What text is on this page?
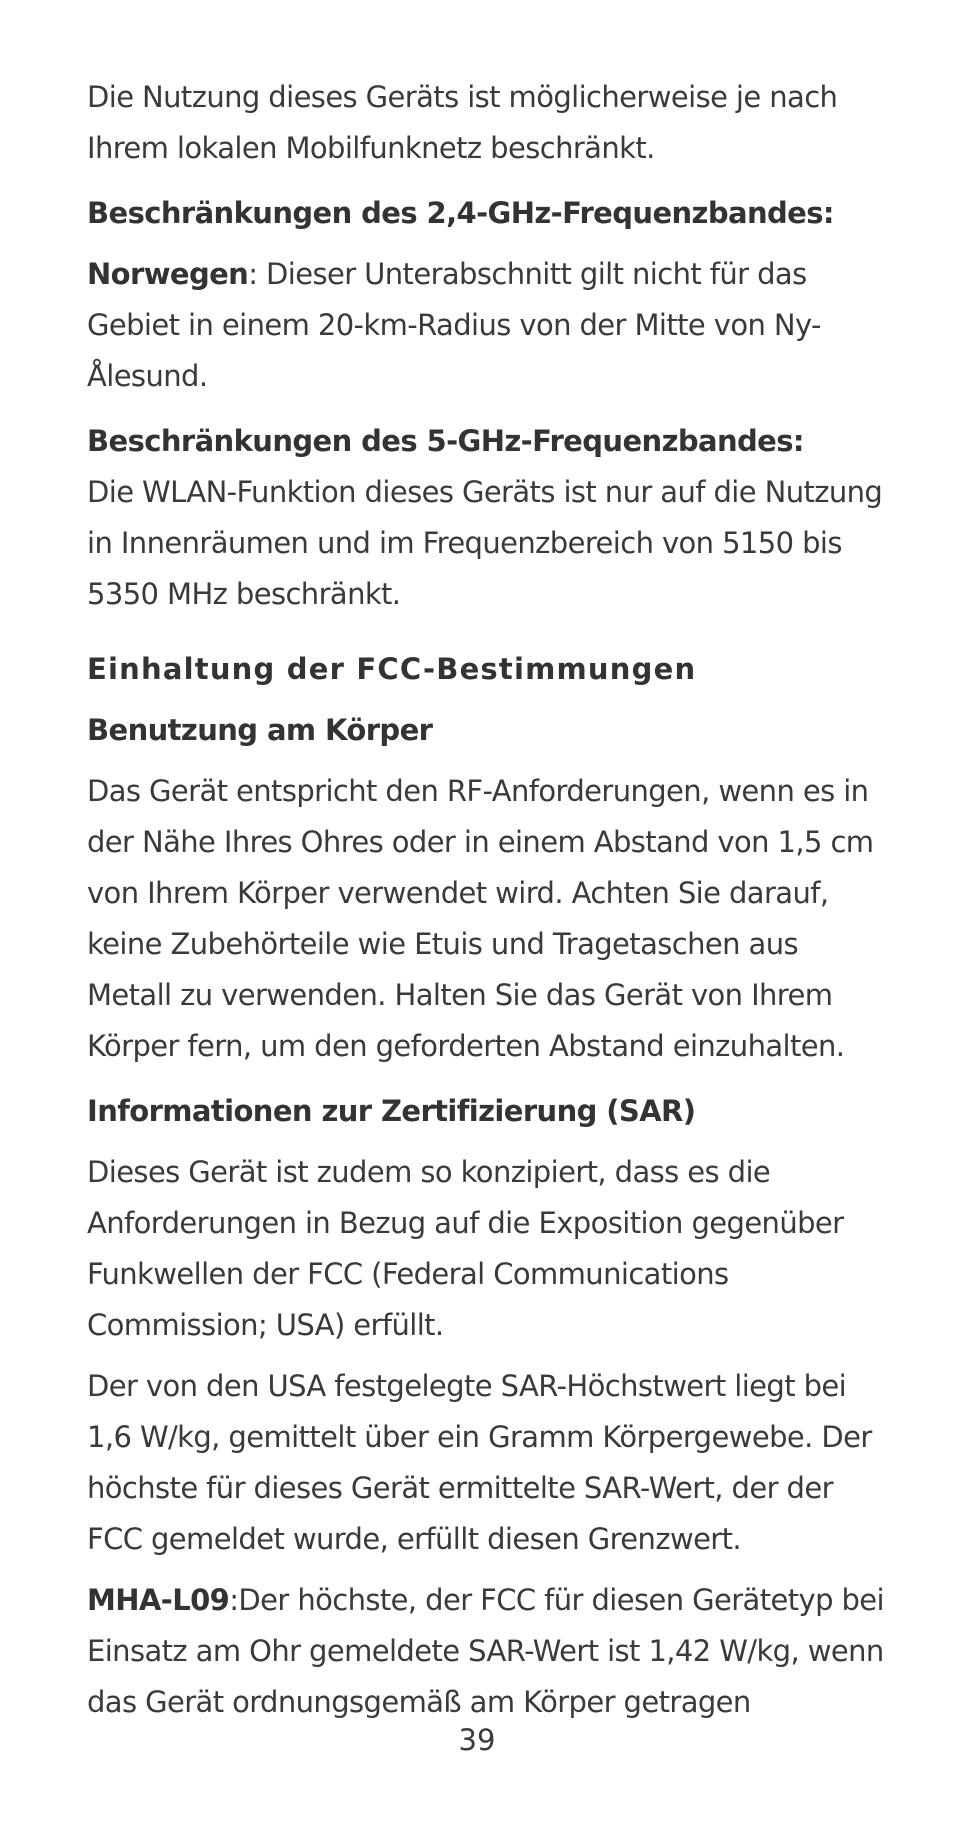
Die Nutzung dieses Geräts ist möglicherweise je nach Ihrem lokalen Mobilfunknetz beschränkt.

Beschränkungen des 2,4-GHz-Frequenzbandes:

Norwegen: Dieser Unterabschnitt gilt nicht für das Gebiet in einem 20-km-Radius von der Mitte von Ny-Ålesund.

Beschränkungen des 5-GHz-Frequenzbandes:

Die WLAN-Funktion dieses Geräts ist nur auf die Nutzung in Innenräumen und im Frequenzbereich von 5150 bis 5350 MHz beschränkt.

Einhaltung der FCC-Bestimmungen

Benutzung am Körper

Das Gerät entspricht den RF-Anforderungen, wenn es in der Nähe Ihres Ohres oder in einem Abstand von 1,5 cm von Ihrem Körper verwendet wird. Achten Sie darauf, keine Zubehörteile wie Etuis und Tragetaschen aus Metall zu verwenden. Halten Sie das Gerät von Ihrem Körper fern, um den geforderten Abstand einzuhalten.

Informationen zur Zertifizierung (SAR)

Dieses Gerät ist zudem so konzipiert, dass es die Anforderungen in Bezug auf die Exposition gegenüber Funkwellen der FCC (Federal Communications Commission; USA) erfüllt.

Der von den USA festgelegte SAR-Höchstwert liegt bei 1,6 W/kg, gemittelt über ein Gramm Körpergewebe. Der höchste für dieses Gerät ermittelte SAR-Wert, der der FCC gemeldet wurde, erfüllt diesen Grenzwert.

MHA-L09:Der höchste, der FCC für diesen Gerätetyp bei Einsatz am Ohr gemeldete SAR-Wert ist 1,42 W/kg, wenn das Gerät ordnungsgemäß am Körper getragen

39
